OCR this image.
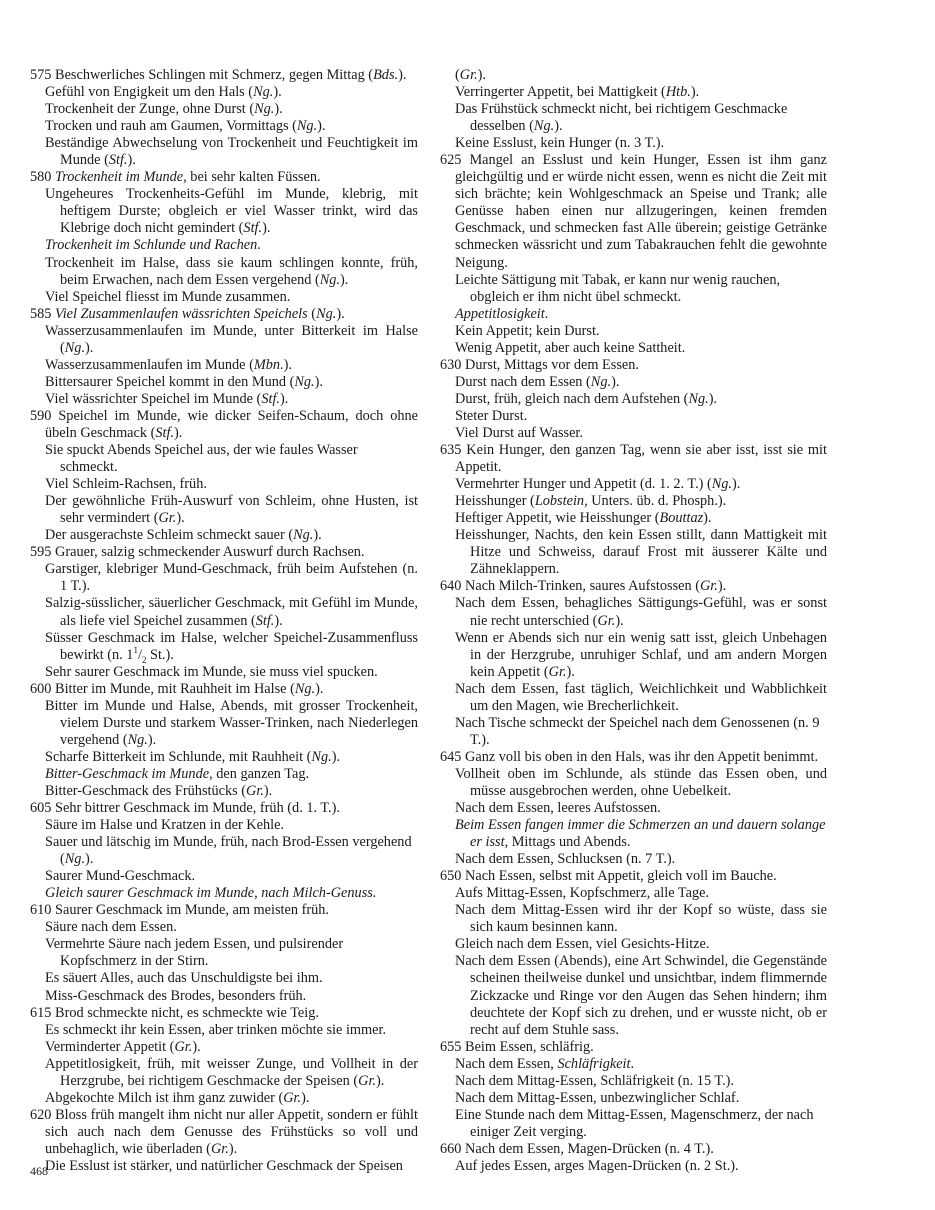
575 Beschwerliches Schlingen mit Schmerz, gegen Mittag (Bds.).
Gefühl von Engigkeit um den Hals (Ng.).
Trockenheit der Zunge, ohne Durst (Ng.).
Trocken und rauh am Gaumen, Vormittags (Ng.).
Beständige Abwechselung von Trockenheit und Feuchtigkeit im Munde (Stf.).
580 Trockenheit im Munde, bei sehr kalten Füssen.
Ungeheures Trockenheits-Gefühl im Munde, klebrig, mit heftigem Durste; obgleich er viel Wasser trinkt, wird das Klebrige doch nicht gemindert (Stf.).
Trockenheit im Schlunde und Rachen.
Trockenheit im Halse, dass sie kaum schlingen konnte, früh, beim Erwachen, nach dem Essen vergehend (Ng.).
Viel Speichel fliesst im Munde zusammen.
585 Viel Zusammenlaufen wässrichten Speichels (Ng.).
Wasserzusammenlaufen im Munde, unter Bitterkeit im Halse (Ng.).
Wasserzusammenlaufen im Munde (Mbn.).
Bittersaurer Speichel kommt in den Mund (Ng.).
Viel wässrichter Speichel im Munde (Stf.).
590 Speichel im Munde, wie dicker Seifen-Schaum, doch ohne übeln Geschmack (Stf.).
Sie spuckt Abends Speichel aus, der wie faules Wasser schmeckt.
Viel Schleim-Rachsen, früh.
Der gewöhnliche Früh-Auswurf von Schleim, ohne Husten, ist sehr vermindert (Gr.).
Der ausgerachste Schleim schmeckt sauer (Ng.).
595 Grauer, salzig schmeckender Auswurf durch Rachsen.
Garstiger, klebriger Mund-Geschmack, früh beim Aufstehen (n. 1 T.).
Salzig-süsslicher, säuerlicher Geschmack, mit Gefühl im Munde, als liefe viel Speichel zusammen (Stf.).
Süsser Geschmack im Halse, welcher Speichel-Zusammenfluss bewirkt (n. $1^1/_2$ St.).
Sehr saurer Geschmack im Munde, sie muss viel spucken.
600 Bitter im Munde, mit Rauhheit im Halse (Ng.).
Bitter im Munde und Halse, Abends, mit grosser Trockenheit, vielem Durste und starkem Wasser-Trinken, nach Niederlegen vergehend (Ng.).
Scharfe Bitterkeit im Schlunde, mit Rauhheit (Ng.).
Bitter-Geschmack im Munde, den ganzen Tag.
Bitter-Geschmack des Frühstücks (Gr.).
605 Sehr bittrer Geschmack im Munde, früh (d. 1. T.).
Säure im Halse und Kratzen in der Kehle.
Sauer und lätschig im Munde, früh, nach Brod-Essen vergehend (Ng.).
Saurer Mund-Geschmack.
Gleich saurer Geschmack im Munde, nach Milch-Genuss.
610 Saurer Geschmack im Munde, am meisten früh.
Säure nach dem Essen.
Vermehrte Säure nach jedem Essen, und pulsirender Kopfschmerz in der Stirn.
Es säuert Alles, auch das Unschuldigste bei ihm.
Miss-Geschmack des Brodes, besonders früh.
615 Brod schmeckte nicht, es schmeckte wie Teig.
Es schmeckt ihr kein Essen, aber trinken möchte sie immer.
Verminderter Appetit (Gr.).
Appetitlosigkeit, früh, mit weisser Zunge, und Vollheit in der Herzgrube, bei richtigem Geschmacke der Speisen (Gr.).
Abgekochte Milch ist ihm ganz zuwider (Gr.).
620 Bloss früh mangelt ihm nicht nur aller Appetit, sondern er fühlt sich auch nach dem Genusse des Frühstücks so voll und unbehaglich, wie überladen (Gr.).
Die Esslust ist stärker, und natürlicher Geschmack der Speisen
(Gr.).
Verringerter Appetit, bei Mattigkeit (Htb.).
Das Frühstück schmeckt nicht, bei richtigem Geschmacke desselben (Ng.).
Keine Esslust, kein Hunger (n. 3 T.).
625 Mangel an Esslust und kein Hunger, Essen ist ihm ganz gleichgültig und er würde nicht essen, wenn es nicht die Zeit mit sich brächte; kein Wohlgeschmack an Speise und Trank; alle Genüsse haben einen nur allzugeringen, keinen fremden Geschmack, und schmecken fast Alle überein; geistige Getränke schmecken wässricht und zum Tabakrauchen fehlt die gewohnte Neigung.
Leichte Sättigung mit Tabak, er kann nur wenig rauchen, obgleich er ihm nicht übel schmeckt.
Appetitlosigkeit.
Kein Appetit; kein Durst.
Wenig Appetit, aber auch keine Sattheit.
630 Durst, Mittags vor dem Essen.
Durst nach dem Essen (Ng.).
Durst, früh, gleich nach dem Aufstehen (Ng.).
Steter Durst.
Viel Durst auf Wasser.
635 Kein Hunger, den ganzen Tag, wenn sie aber isst, isst sie mit Appetit.
Vermehrter Hunger und Appetit (d. 1. 2. T.) (Ng.).
Heisshunger (Lobstein, Unters. üb. d. Phosph.).
Heftiger Appetit, wie Heisshunger (Bouttaz).
Heisshunger, Nachts, den kein Essen stillt, dann Mattigkeit mit Hitze und Schweiss, darauf Frost mit äusserer Kälte und Zähneklappern.
640 Nach Milch-Trinken, saures Aufstossen (Gr.).
Nach dem Essen, behagliches Sättigungs-Gefühl, was er sonst nie recht unterschied (Gr.).
Wenn er Abends sich nur ein wenig satt isst, gleich Unbehagen in der Herzgrube, unruhiger Schlaf, und am andern Morgen kein Appetit (Gr.).
Nach dem Essen, fast täglich, Weichlichkeit und Wabblichkeit um den Magen, wie Brecherlichkeit.
Nach Tische schmeckt der Speichel nach dem Genossenen (n. 9 T.).
645 Ganz voll bis oben in den Hals, was ihr den Appetit benimmt.
Vollheit oben im Schlunde, als stünde das Essen oben, und müsse ausgebrochen werden, ohne Uebelkeit.
Nach dem Essen, leeres Aufstossen.
Beim Essen fangen immer die Schmerzen an und dauern solange er isst, Mittags und Abends.
Nach dem Essen, Schlucksen (n. 7 T.).
650 Nach Essen, selbst mit Appetit, gleich voll im Bauche.
Aufs Mittag-Essen, Kopfschmerz, alle Tage.
Nach dem Mittag-Essen wird ihr der Kopf so wüste, dass sie sich kaum besinnen kann.
Gleich nach dem Essen, viel Gesichts-Hitze.
Nach dem Essen (Abends), eine Art Schwindel, die Gegenstände scheinen theilweise dunkel und unsichtbar, indem flimmernde Zickzacke und Ringe vor den Augen das Sehen hindern; ihm deuchtete der Kopf sich zu drehen, und er wusste nicht, ob er recht auf dem Stuhle sass.
655 Beim Essen, schläfrig.
Nach dem Essen, Schläfrigkeit.
Nach dem Mittag-Essen, Schläfrigkeit (n. 15 T.).
Nach dem Mittag-Essen, unbezwinglicher Schlaf.
Eine Stunde nach dem Mittag-Essen, Magenschmerz, der nach einiger Zeit verging.
660 Nach dem Essen, Magen-Drücken (n. 4 T.).
Auf jedes Essen, arges Magen-Drücken (n. 2 St.).
468
